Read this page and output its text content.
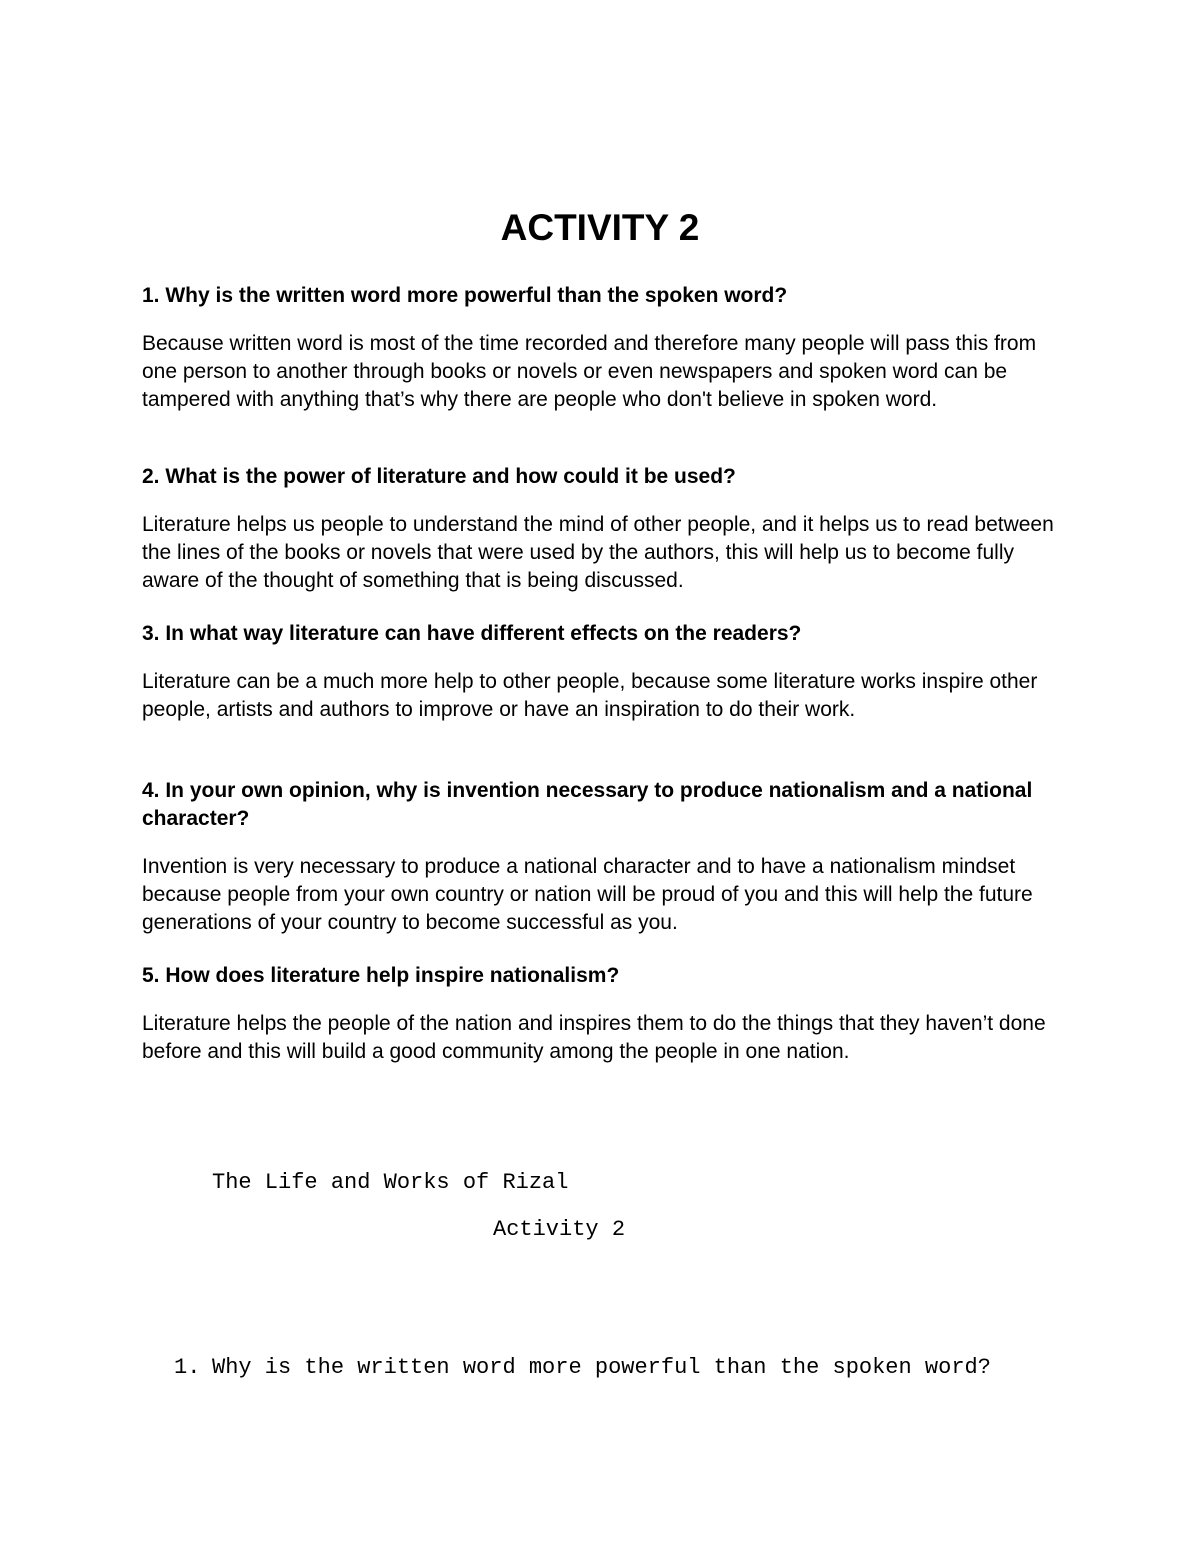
ACTIVITY 2

1. Why is the written word more powerful than the spoken word?

Because written word is most of the time recorded and therefore many people will pass this from one person to another through books or novels or even newspapers and spoken word can be tampered with anything that’s why there are people who don't believe in spoken word.

2. What is the power of literature and how could it be used?

Literature helps us people to understand the mind of other people, and it helps us to read between the lines of the books or novels that were used by the authors, this will help us to become fully aware of the thought of something that is being discussed.

3. In what way literature can have different effects on the readers?

Literature can be a much more help to other people, because some literature works inspire other people, artists and authors to improve or have an inspiration to do their work.

4. In your own opinion, why is invention necessary to produce nationalism and a national character?

Invention is very necessary to produce a national character and to have a nationalism mindset because people from your own country or nation will be proud of you and this will help the future generations of your country to become successful as you.

5. How does literature help inspire nationalism?

Literature helps the people of the nation and inspires them to do the things that they haven’t done before and this will build a good community among the people in one nation.

The Life and Works of Rizal

Activity 2

1. Why is the written word more powerful than the spoken word?
